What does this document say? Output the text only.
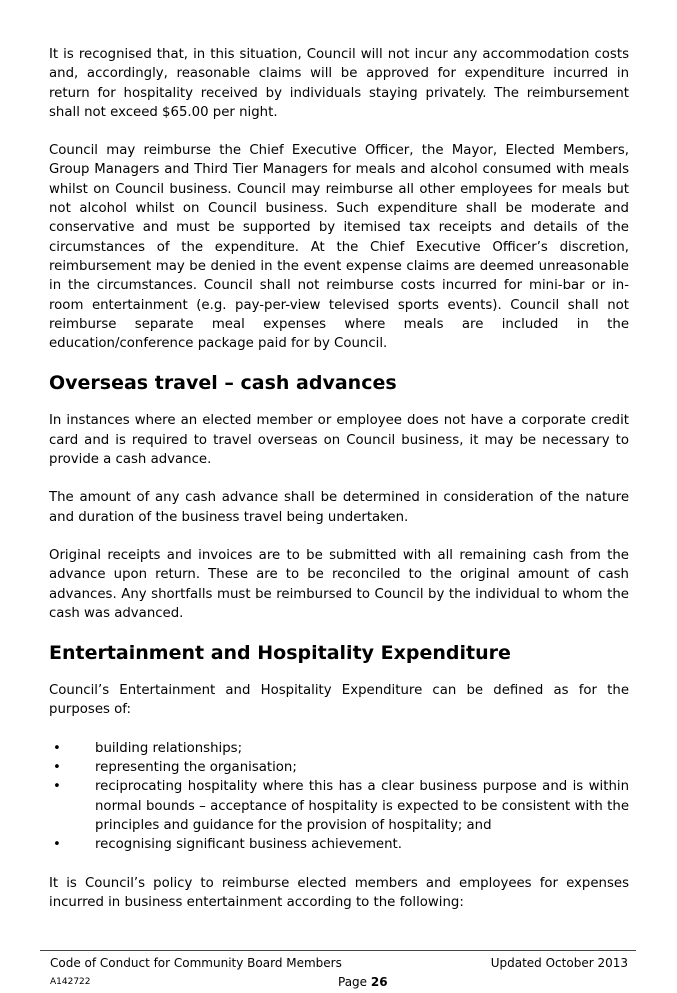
It is recognised that, in this situation, Council will not incur any accommodation costs and, accordingly, reasonable claims will be approved for expenditure incurred in return for hospitality received by individuals staying privately. The reimbursement shall not exceed $65.00 per night.

Council may reimburse the Chief Executive Officer, the Mayor, Elected Members, Group Managers and Third Tier Managers for meals and alcohol consumed with meals whilst on Council business. Council may reimburse all other employees for meals but not alcohol whilst on Council business. Such expenditure shall be moderate and conservative and must be supported by itemised tax receipts and details of the circumstances of the expenditure. At the Chief Executive Officer’s discretion, reimbursement may be denied in the event expense claims are deemed unreasonable in the circumstances. Council shall not reimburse costs incurred for mini-bar or in-room entertainment (e.g. pay-per-view televised sports events). Council shall not reimburse separate meal expenses where meals are included in the education/conference package paid for by Council.

Overseas travel – cash advances

In instances where an elected member or employee does not have a corporate credit card and is required to travel overseas on Council business, it may be necessary to provide a cash advance.

The amount of any cash advance shall be determined in consideration of the nature and duration of the business travel being undertaken.

Original receipts and invoices are to be submitted with all remaining cash from the advance upon return. These are to be reconciled to the original amount of cash advances. Any shortfalls must be reimbursed to Council by the individual to whom the cash was advanced.

Entertainment and Hospitality Expenditure

Council’s Entertainment and Hospitality Expenditure can be defined as for the purposes of:

•	building relationships;
•	representing the organisation;
•	reciprocating hospitality where this has a clear business purpose and is within normal bounds – acceptance of hospitality is expected to be consistent with the principles and guidance for the provision of hospitality; and
•	recognising significant business achievement.

It is Council’s policy to reimburse elected members and employees for expenses incurred in business entertainment according to the following:

Code of Conduct for Community Board Members	Updated October 2013
A142722	Page 26
